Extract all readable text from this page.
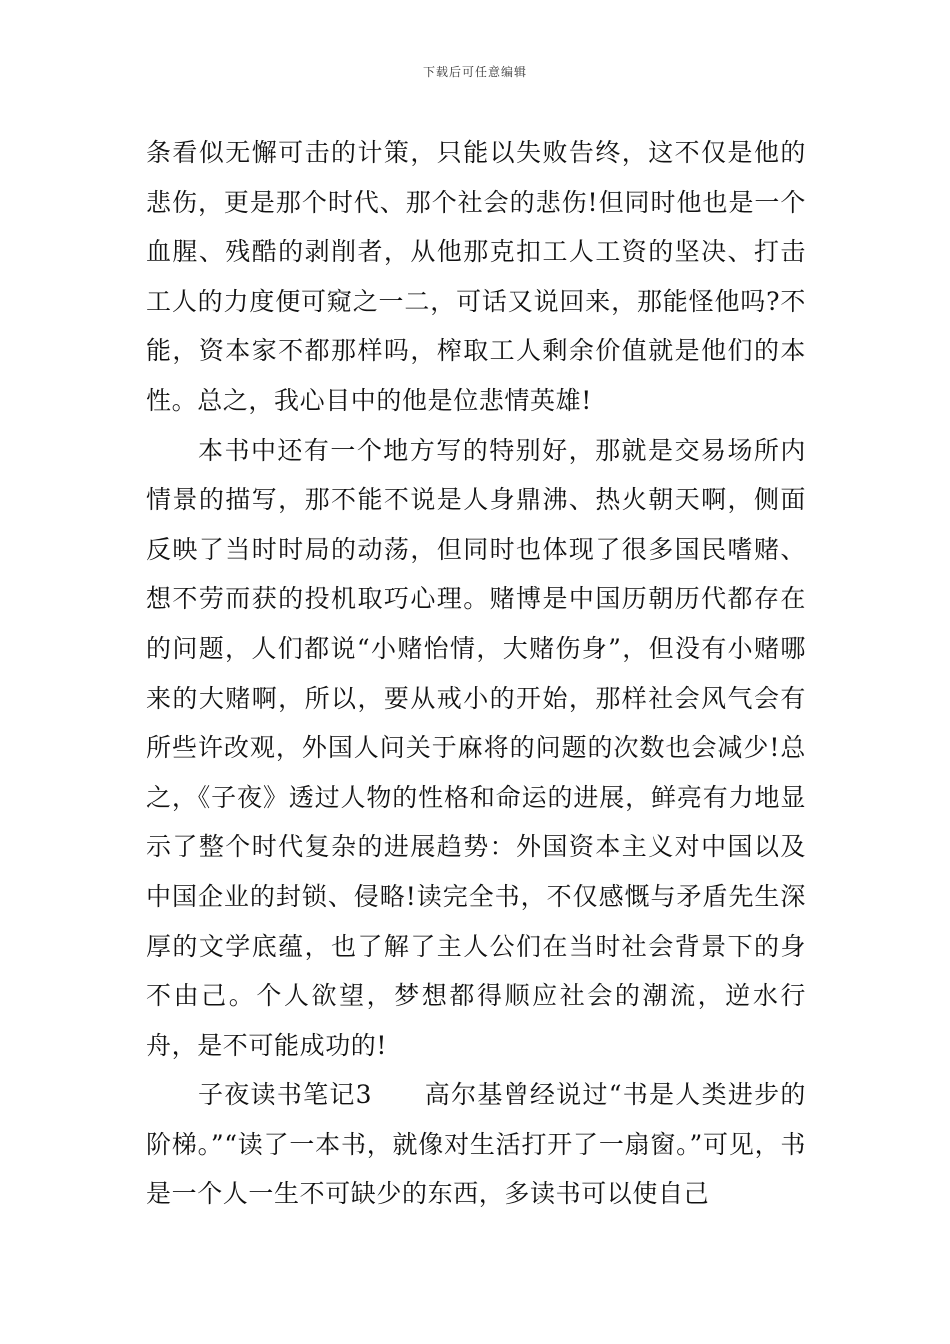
下载后可任意编辑

条看似无懈可击的计策，只能以失败告终，这不仅是他的悲伤，更是那个时代、那个社会的悲伤!但同时他也是一个血腥、残酷的剥削者，从他那克扣工人工资的坚决、打击工人的力度便可窥之一二，可话又说回来，那能怪他吗?不能，资本家不都那样吗，榨取工人剩余价值就是他们的本性。总之，我心目中的他是位悲情英雄!

本书中还有一个地方写的特别好，那就是交易场所内情景的描写，那不能不说是人身鼎沸、热火朝天啊，侧面反映了当时时局的动荡，但同时也体现了很多国民嗜赌、想不劳而获的投机取巧心理。赌博是中国历朝历代都存在的问题，人们都说“小赌怡情，大赌伤身”，但没有小赌哪来的大赌啊，所以，要从戒小的开始，那样社会风气会有所些许改观，外国人问关于麻将的问题的次数也会减少!总之，《子夜》透过人物的性格和命运的进展，鲜亮有力地显示了整个时代复杂的进展趋势：外国资本主义对中国以及中国企业的封锁、侵略!读完全书，不仅感慨与矛盾先生深厚的文学底蕴，也了解了主人公们在当时社会背景下的身不由己。个人欲望，梦想都得顺应社会的潮流，逆水行舟，是不可能成功的!

子夜读书笔记3 高尔基曾经说过“书是人类进步的阶梯。”“读了一本书，就像对生活打开了一扇窗。”可见，书是一个人一生不可缺少的东西，多读书可以使自己
